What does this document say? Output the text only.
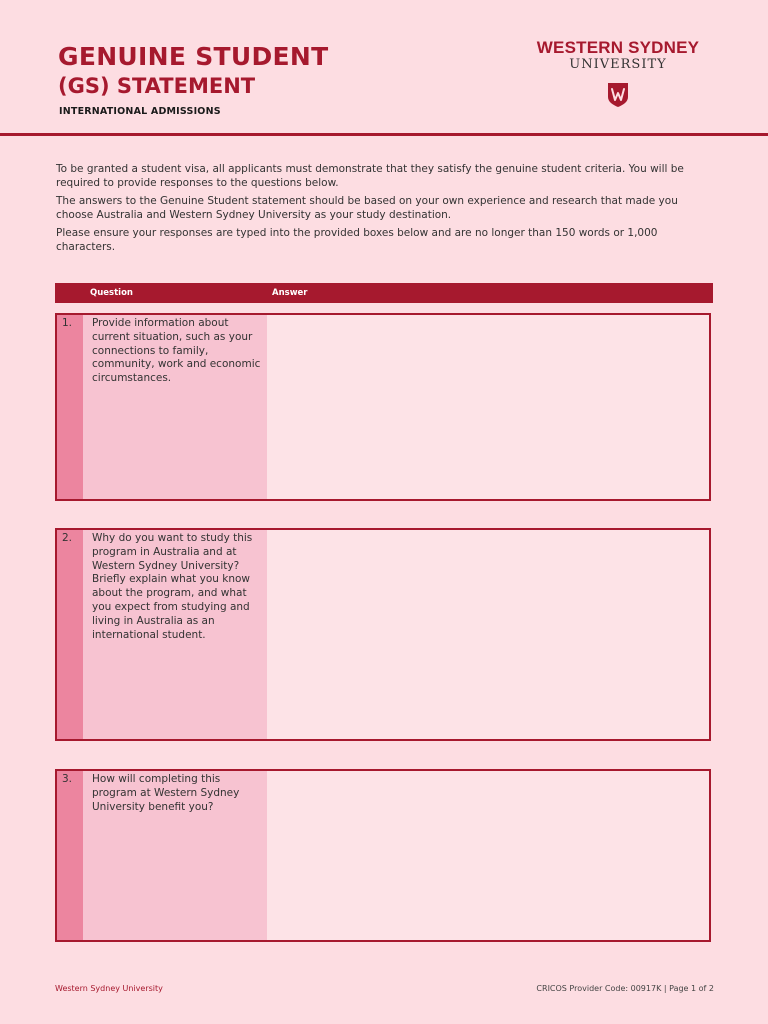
GENUINE STUDENT
(GS) STATEMENT
INTERNATIONAL ADMISSIONS
WESTERN SYDNEY
UNIVERSITY

To be granted a student visa, all applicants must demonstrate that they satisfy the genuine student criteria. You will be required to provide responses to the questions below.

The answers to the Genuine Student statement should be based on your own experience and research that made you choose Australia and Western Sydney University as your study destination.

Please ensure your responses are typed into the provided boxes below and are no longer than 150 words or 1,000 characters.

Question	Answer
1. Provide information about current situation, such as your connections to family, community, work and economic circumstances.
2. Why do you want to study this program in Australia and at Western Sydney University? Briefly explain what you know about the program, and what you expect from studying and living in Australia as an international student.
3. How will completing this program at Western Sydney University benefit you?
Western Sydney University	CRICOS Provider Code: 00917K | Page 1 of 2
